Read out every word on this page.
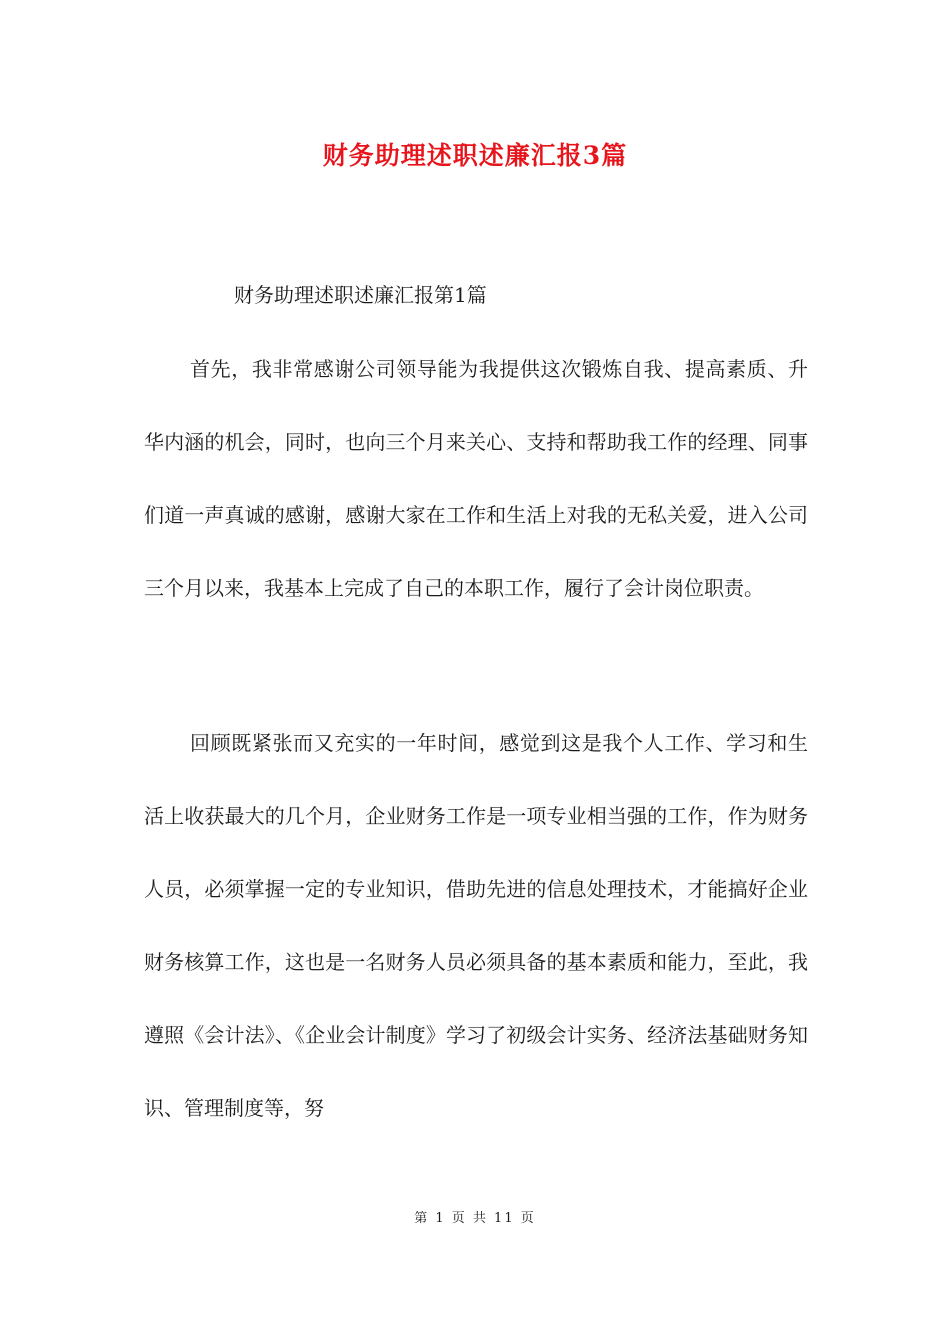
财务助理述职述廉汇报3篇
财务助理述职述廉汇报第1篇

首先，我非常感谢公司领导能为我提供这次锻炼自我、提高素质、升华内涵的机会，同时，也向三个月来关心、支持和帮助我工作的经理、同事们道一声真诚的感谢，感谢大家在工作和生活上对我的无私关爱，进入公司三个月以来，我基本上完成了自己的本职工作，履行了会计岗位职责。

回顾既紧张而又充实的一年时间，感觉到这是我个人工作、学习和生活上收获最大的几个月，企业财务工作是一项专业相当强的工作，作为财务人员，必须掌握一定的专业知识，借助先进的信息处理技术，才能搞好企业财务核算工作，这也是一名财务人员必须具备的基本素质和能力，至此，我遵照《会计法》、《企业会计制度》学习了初级会计实务、经济法基础财务知识、管理制度等，努

第 1 页 共 11 页
